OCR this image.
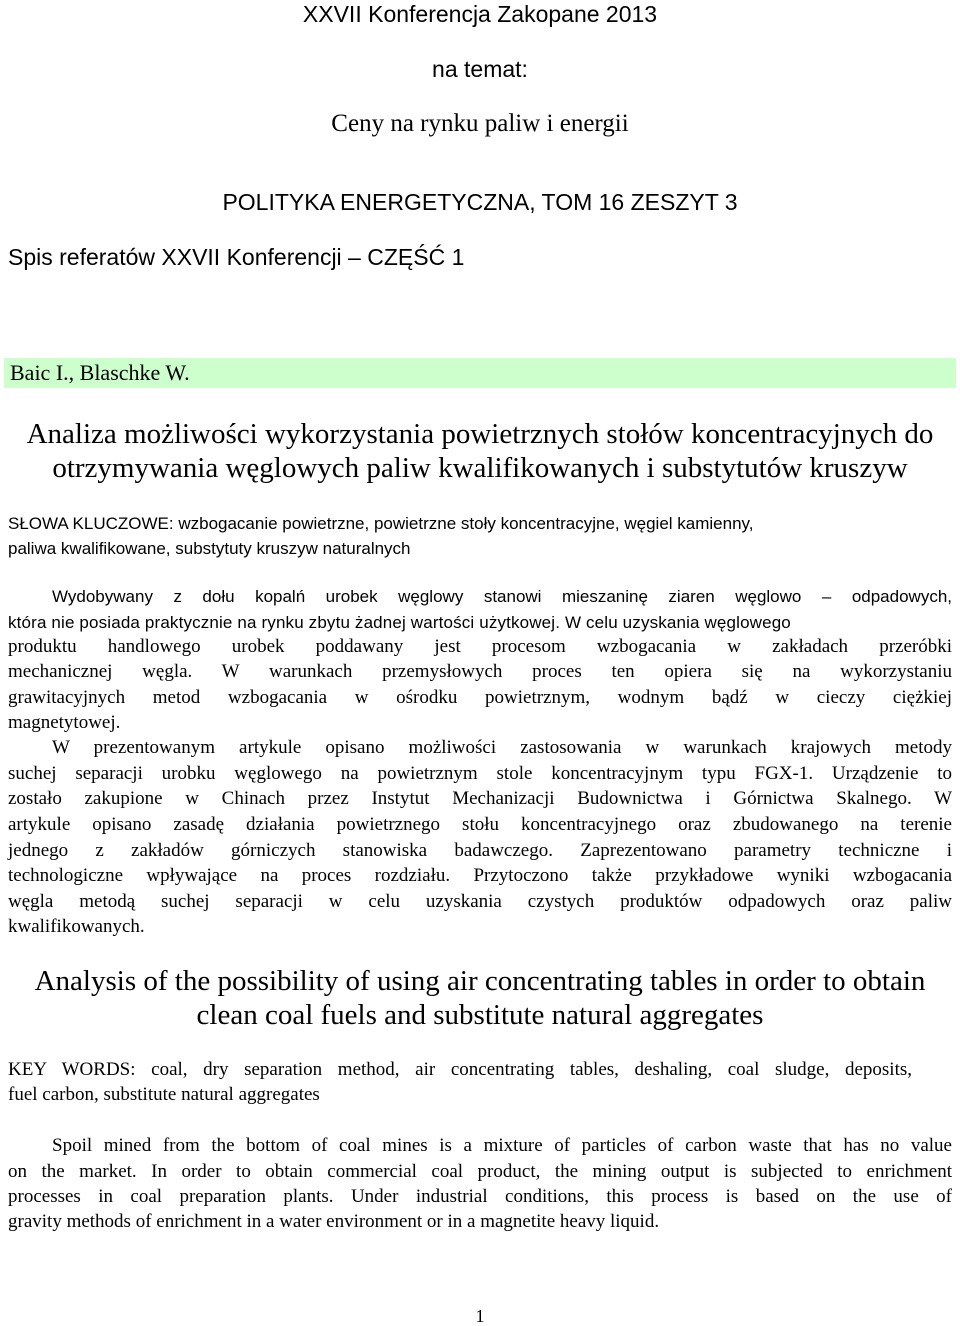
XXVII Konferencja Zakopane 2013
na temat:
Ceny na rynku paliw i energii
POLITYKA ENERGETYCZNA, TOM 16 ZESZYT 3
Spis referatów XXVII Konferencji – CZĘŚĆ 1
Baic I., Blaschke W.
Analiza możliwości wykorzystania powietrznych stołów koncentracyjnych do
otrzymywania węglowych paliw kwalifikowanych i substytutów kruszyw
SŁOWA KLUCZOWE: wzbogacanie powietrzne, powietrzne stoły koncentracyjne, węgiel kamienny,
paliwa kwalifikowane, substytuty kruszyw naturalnych
Wydobywany z dołu kopalń urobek węglowy stanowi mieszaninę ziaren węglowo – odpadowych,
która nie posiada praktycznie na rynku zbytu żadnej wartości użytkowej. W celu uzyskania węglowego
produktu handlowego urobek poddawany jest procesom wzbogacania w zakładach przeróbki
mechanicznej węgla. W warunkach przemysłowych proces ten opiera się na wykorzystaniu
grawitacyjnych metod wzbogacania w ośrodku powietrznym, wodnym bądź w cieczy ciężkiej
magnetytowej.
W prezentowanym artykule opisano możliwości zastosowania w warunkach krajowych metody
suchej separacji urobku węglowego na powietrznym stole koncentracyjnym typu FGX-1. Urządzenie to
zostało zakupione w Chinach przez Instytut Mechanizacji Budownictwa i Górnictwa Skalnego. W
artykule opisano zasadę działania powietrznego stołu koncentracyjnego oraz zbudowanego na terenie
jednego z zakładów górniczych stanowiska badawczego. Zaprezentowano parametry techniczne i
technologiczne wpływające na proces rozdziału. Przytoczono także przykładowe wyniki wzbogacania
węgla metodą suchej separacji w celu uzyskania czystych produktów odpadowych oraz paliw
kwalifikowanych.
Analysis of the possibility of using air concentrating tables in order to obtain
clean coal fuels and substitute natural aggregates
KEY WORDS: coal, dry separation method, air concentrating tables, deshaling, coal sludge, deposits,
fuel carbon, substitute natural aggregates
Spoil mined from the bottom of coal mines is a mixture of particles of carbon waste that has no value
on the market. In order to obtain commercial coal product, the mining output is subjected to enrichment
processes in coal preparation plants. Under industrial conditions, this process is based on the use of
gravity methods of enrichment in a water environment or in a magnetite heavy liquid.
1
